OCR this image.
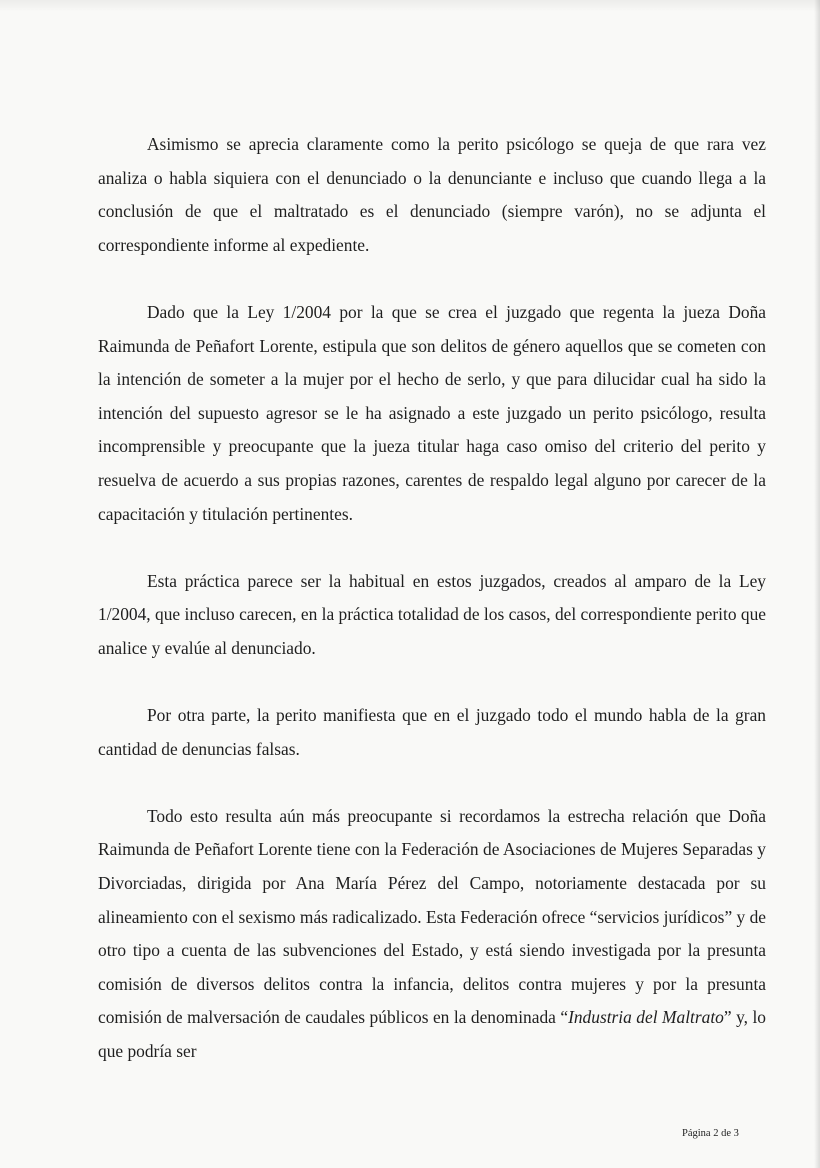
Asimismo se aprecia claramente como la perito psicólogo se queja de que rara vez analiza o habla siquiera con el denunciado o la denunciante e incluso que cuando llega a la conclusión de que el maltratado es el denunciado (siempre varón), no se adjunta el correspondiente informe al expediente.

Dado que la Ley 1/2004 por la que se crea el juzgado que regenta la jueza Doña Raimunda de Peñafort Lorente, estipula que son delitos de género aquellos que se cometen con la intención de someter a la mujer por el hecho de serlo, y que para dilucidar cual ha sido la intención del supuesto agresor se le ha asignado a este juzgado un perito psicólogo, resulta incomprensible y preocupante que la jueza titular haga caso omiso del criterio del perito y resuelva de acuerdo a sus propias razones, carentes de respaldo legal alguno por carecer de la capacitación y titulación pertinentes.

Esta práctica parece ser la habitual en estos juzgados, creados al amparo de la Ley 1/2004, que incluso carecen, en la práctica totalidad de los casos, del correspondiente perito que analice y evalúe al denunciado.

Por otra parte, la perito manifiesta que en el juzgado todo el mundo habla de la gran cantidad de denuncias falsas.

Todo esto resulta aún más preocupante si recordamos la estrecha relación que Doña Raimunda de Peñafort Lorente tiene con la Federación de Asociaciones de Mujeres Separadas y Divorciadas, dirigida por Ana María Pérez del Campo, notoriamente destacada por su alineamiento con el sexismo más radicalizado. Esta Federación ofrece “servicios jurídicos” y de otro tipo a cuenta de las subvenciones del Estado, y está siendo investigada por la presunta comisión de diversos delitos contra la infancia, delitos contra mujeres y por la presunta comisión de malversación de caudales públicos en la denominada “Industria del Maltrato” y, lo que podría ser

Página 2 de 3
